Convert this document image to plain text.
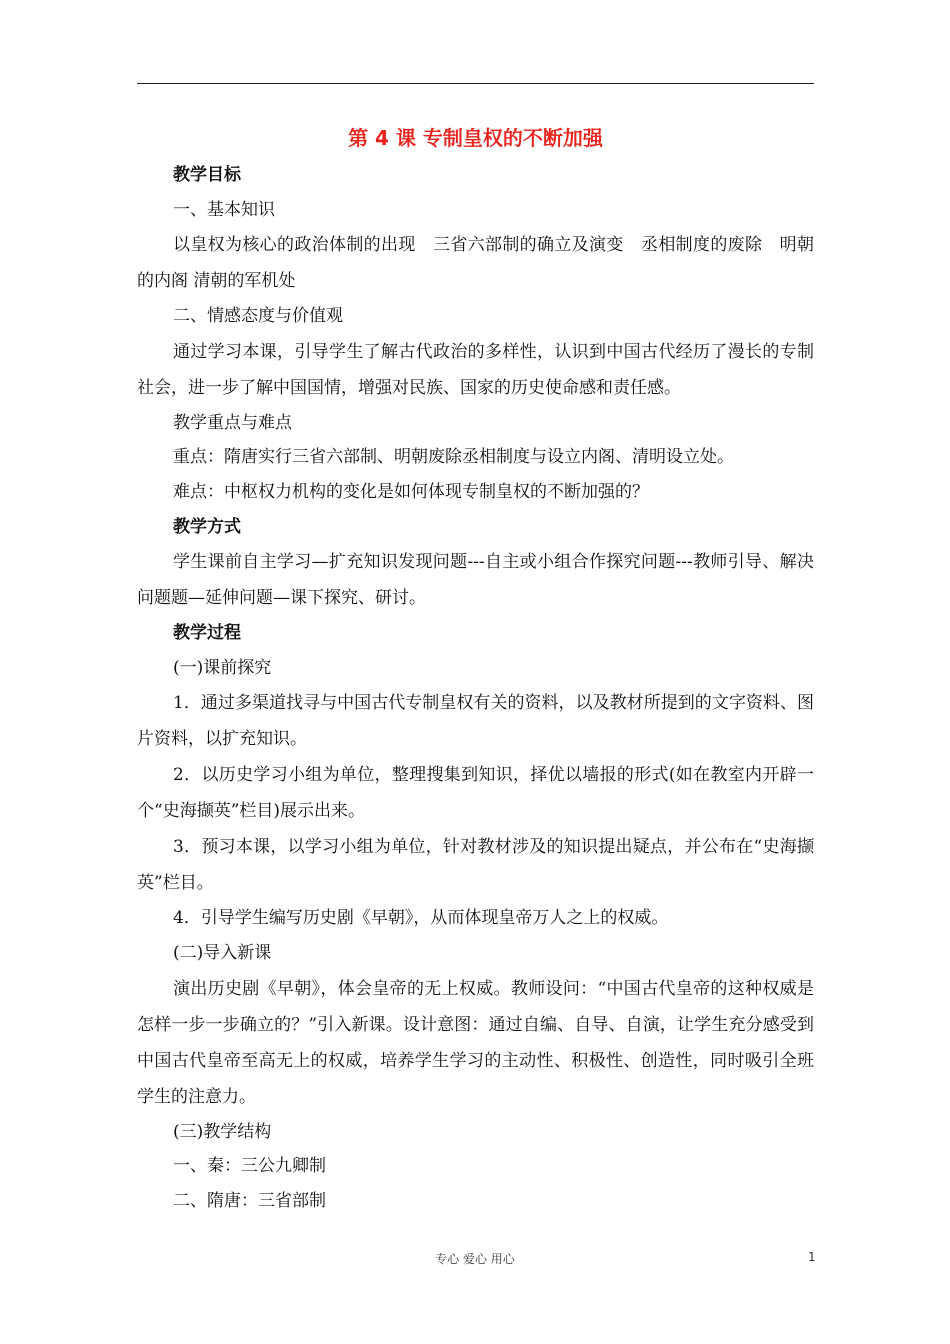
第 4 课 专制皇权的不断加强

教学目标

一、基本知识

以皇权为核心的政治体制的出现　三省六部制的确立及演变　丞相制度的废除　明朝的内阁 清朝的军机处

二、情感态度与价值观

通过学习本课，引导学生了解古代政治的多样性，认识到中国古代经历了漫长的专制社会，进一步了解中国国情，增强对民族、国家的历史使命感和责任感。

教学重点与难点

重点：隋唐实行三省六部制、明朝废除丞相制度与设立内阁、清明设立处。

难点：中枢权力机构的变化是如何体现专制皇权的不断加强的？

教学方式

学生课前自主学习—扩充知识发现问题---自主或小组合作探究问题---教师引导、解决问题题—延伸问题—课下探究、研讨。

教学过程

(一)课前探究

1．通过多渠道找寻与中国古代专制皇权有关的资料，以及教材所提到的文字资料、图片资料，以扩充知识。

2．以历史学习小组为单位，整理搜集到知识，择优以墙报的形式(如在教室内开辟一个“史海撷英”栏目)展示出来。

3．预习本课，以学习小组为单位，针对教材涉及的知识提出疑点，并公布在“史海撷英”栏目。

4．引导学生编写历史剧《早朝》，从而体现皇帝万人之上的权威。

(二)导入新课

演出历史剧《早朝》，体会皇帝的无上权威。教师设问：“中国古代皇帝的这种权威是怎样一步一步确立的？”引入新课。设计意图：通过自编、自导、自演，让学生充分感受到中国古代皇帝至高无上的权威，培养学生学习的主动性、积极性、创造性，同时吸引全班学生的注意力。

(三)教学结构

一、秦：三公九卿制

二、隋唐：三省部制

专心 爱心 用心	1
